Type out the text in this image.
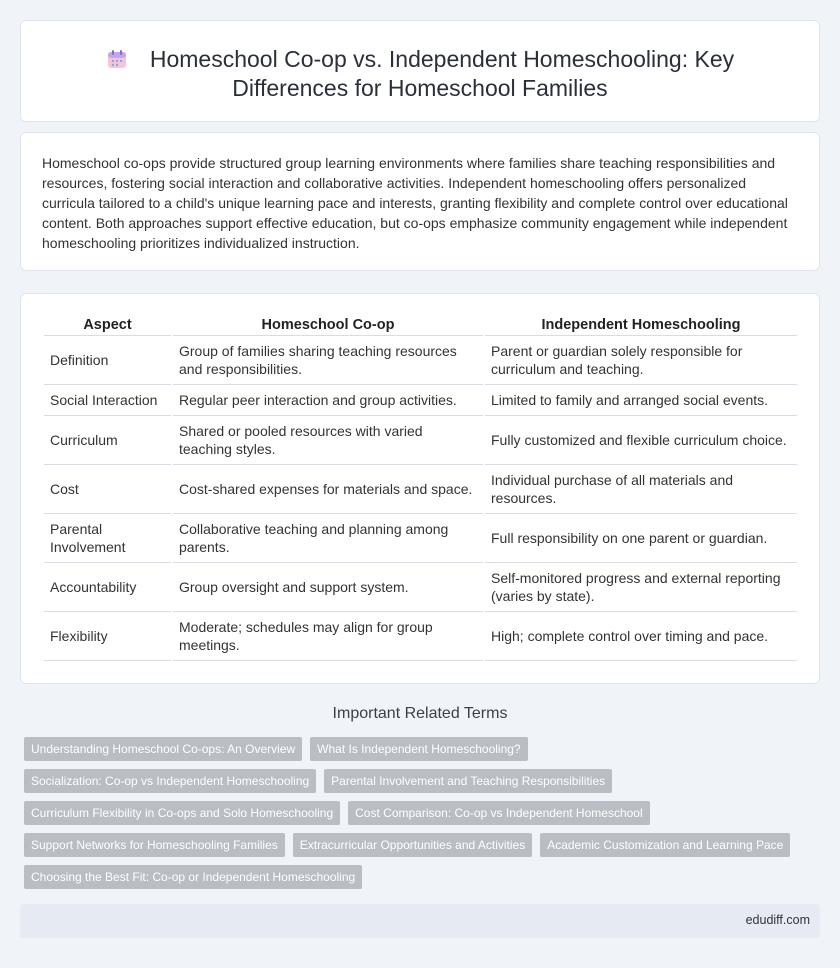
Homeschool Co-op vs. Independent Homeschooling: Key Differences for Homeschool Families

Homeschool co-ops provide structured group learning environments where families share teaching responsibilities and resources, fostering social interaction and collaborative activities. Independent homeschooling offers personalized curricula tailored to a child's unique learning pace and interests, granting flexibility and complete control over educational content. Both approaches support effective education, but co-ops emphasize community engagement while independent homeschooling prioritizes individualized instruction.

Aspect	Homeschool Co-op	Independent Homeschooling
Definition	Group of families sharing teaching resources and responsibilities.	Parent or guardian solely responsible for curriculum and teaching.
Social Interaction	Regular peer interaction and group activities.	Limited to family and arranged social events.
Curriculum	Shared or pooled resources with varied teaching styles.	Fully customized and flexible curriculum choice.
Cost	Cost-shared expenses for materials and space.	Individual purchase of all materials and resources.
Parental Involvement	Collaborative teaching and planning among parents.	Full responsibility on one parent or guardian.
Accountability	Group oversight and support system.	Self-monitored progress and external reporting (varies by state).
Flexibility	Moderate; schedules may align for group meetings.	High; complete control over timing and pace.
Important Related Terms
Understanding Homeschool Co-ops: An Overview	What Is Independent Homeschooling?
Socialization: Co-op vs Independent Homeschooling	Parental Involvement and Teaching Responsibilities
Curriculum Flexibility in Co-ops and Solo Homeschooling	Cost Comparison: Co-op vs Independent Homeschool
Support Networks for Homeschooling Families	Extracurricular Opportunities and Activities	Academic Customization and Learning Pace
Choosing the Best Fit: Co-op or Independent Homeschooling
edudiff.com
